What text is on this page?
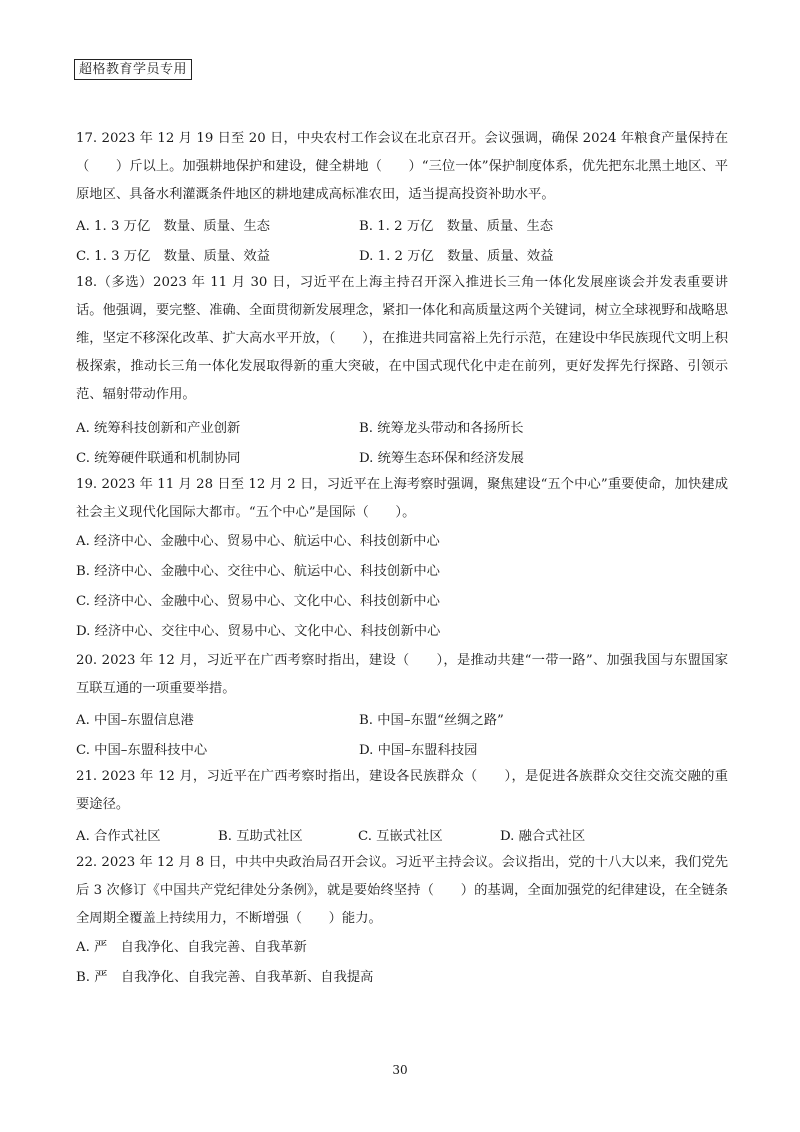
超格教育学员专用

17. 2023 年 12 月 19 日至 20 日，中央农村工作会议在北京召开。会议强调，确保 2024 年粮食产量保持在（　　）斤以上。加强耕地保护和建设，健全耕地（　　）“三位一体”保护制度体系，优先把东北黑土地区、平原地区、具备水利灌溉条件地区的耕地建成高标准农田，适当提高投资补助水平。

A. 1. 3 万亿　数量、质量、生态	B. 1. 2 万亿　数量、质量、生态
C. 1. 3 万亿　数量、质量、效益	D. 1. 2 万亿　数量、质量、效益

18.（多选）2023 年 11 月 30 日，习近平在上海主持召开深入推进长三角一体化发展座谈会并发表重要讲话。他强调，要完整、准确、全面贯彻新发展理念，紧扣一体化和高质量这两个关键词，树立全球视野和战略思维，坚定不移深化改革、扩大高水平开放，（　　），在推进共同富裕上先行示范，在建设中华民族现代文明上积极探索，推动长三角一体化发展取得新的重大突破，在中国式现代化中走在前列，更好发挥先行探路、引领示范、辐射带动作用。

A. 统筹科技创新和产业创新	B. 统筹龙头带动和各扬所长
C. 统筹硬件联通和机制协同	D. 统筹生态环保和经济发展

19. 2023 年 11 月 28 日至 12 月 2 日，习近平在上海考察时强调，聚焦建设“五个中心”重要使命，加快建成社会主义现代化国际大都市。“五个中心”是国际（　　）。

A. 经济中心、金融中心、贸易中心、航运中心、科技创新中心
B. 经济中心、金融中心、交往中心、航运中心、科技创新中心
C. 经济中心、金融中心、贸易中心、文化中心、科技创新中心
D. 经济中心、交往中心、贸易中心、文化中心、科技创新中心

20. 2023 年 12 月，习近平在广西考察时指出，建设（　　），是推动共建“一带一路”、加强我国与东盟国家互联互通的一项重要举措。

A. 中国–东盟信息港	B. 中国–东盟“丝绸之路”
C. 中国–东盟科技中心	D. 中国–东盟科技园

21. 2023 年 12 月，习近平在广西考察时指出，建设各民族群众（　　），是促进各族群众交往交流交融的重要途径。

A. 合作式社区	B. 互助式社区	C. 互嵌式社区	D. 融合式社区

22. 2023 年 12 月 8 日，中共中央政治局召开会议。习近平主持会议。会议指出，党的十八大以来，我们党先后 3 次修订《中国共产党纪律处分条例》，就是要始终坚持（　　）的基调，全面加强党的纪律建设，在全链条全周期全覆盖上持续用力，不断增强（　　）能力。

A. 严　自我净化、自我完善、自我革新
B. 严　自我净化、自我完善、自我革新、自我提高
30
